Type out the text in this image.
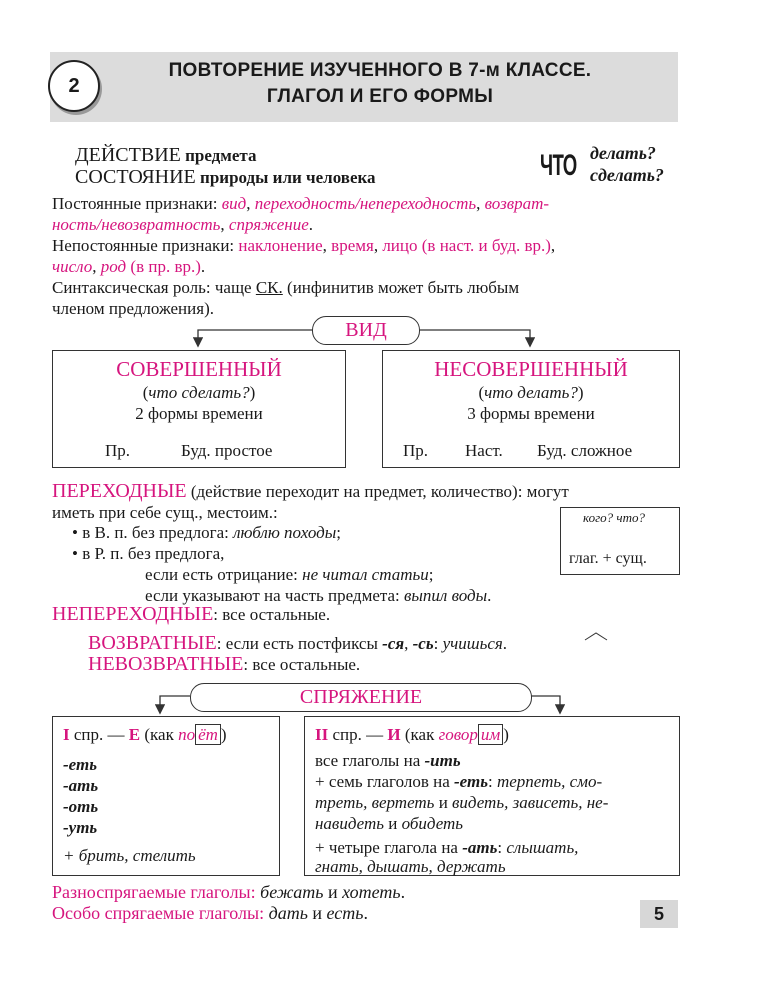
2
ПОВТОРЕНИЕ ИЗУЧЕННОГО В 7-м КЛАССЕ.
ГЛАГОЛ И ЕГО ФОРМЫ
ДЕЙСТВИЕ предмета
СОСТОЯНИЕ природы или человека	ЧТО делать?
сделать?
Постоянные признаки: вид, переходность/непереходность, возврат-
ность/невозвратность, спряжение.
Непостоянные признаки: наклонение, время, лицо (в наст. и буд. вр.),
число, род (в пр. вр.).
Синтаксическая роль: чаще СК. (инфинитив может быть любым
членом предложения).
ВИД
СОВЕРШЕННЫЙ
(что сделать?)
2 формы времени
Пр.	Буд. простое
НЕСОВЕРШЕННЫЙ
(что делать?)
3 формы времени
Пр. Наст. Буд. сложное
ПЕРЕХОДНЫЕ (действие переходит на предмет, количество): могут
иметь при себе сущ., местоим.:
• в В. п. без предлога: люблю походы;
• в Р. п. без предлога,
если есть отрицание: не читал статьи;
если указывают на часть предмета: выпил воды.
кого? что?
глаг. + сущ.
НЕПЕРЕХОДНЫЕ: все остальные.
ВОЗВРАТНЫЕ: если есть постфиксы -ся, -сь: учишься.
НЕВОЗВРАТНЫЕ: все остальные.
СПРЯЖЕНИЕ
I спр. — Е (как по ёт )
-еть
-ать
-оть
-уть
+ брить, стелить
II спр. — И (как говор им )
все глаголы на -ить
+ семь глаголов на -еть: терпеть, смо-
треть, вертеть и видеть, зависеть, не-
навидеть и обидеть
+ четыре глагола на -ать: слышать,
гнать, дышать, держать
Разноспрягаемые глаголы: бежать и хотеть.
Особо спрягаемые глаголы: дать и есть.	5
